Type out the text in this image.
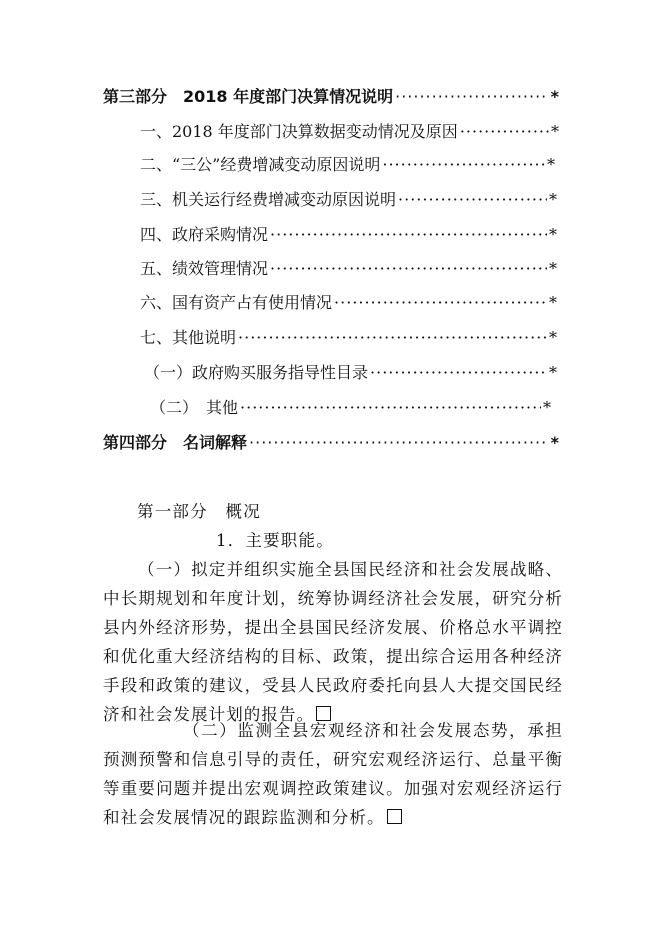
第三部分　2018 年度部门决算情况说明 ·····	*
一、2018 年度部门决算数据变动情况及原因 ·····	*
二、“三公”经费增减变动原因说明 ·····	*
三、机关运行经费增减变动原因说明 ·····	*
四、政府采购情况 ·····	*
五、绩效管理情况 ·····	*
六、国有资产占有使用情况 ·····	*
七、其他说明 ·····	*
（一）政府购买服务指导性目录 ·····	*
（二）　其他 ·····	*
第四部分　名词解释 ·····	*
第一部分　概况
1．主要职能。

（一）拟定并组织实施全县国民经济和社会发展战略、中长期规划和年度计划，统筹协调经济社会发展，研究分析县内外经济形势，提出全县国民经济发展、价格总水平调控和优化重大经济结构的目标、政策，提出综合运用各种经济手段和政策的建议，受县人民政府委托向县人大提交国民经济和社会发展计划的报告。

（二）监测全县宏观经济和社会发展态势，承担预测预警和信息引导的责任，研究宏观经济运行、总量平衡等重要问题并提出宏观调控政策建议。加强对宏观经济运行和社会发展情况的跟踪监测和分析。
